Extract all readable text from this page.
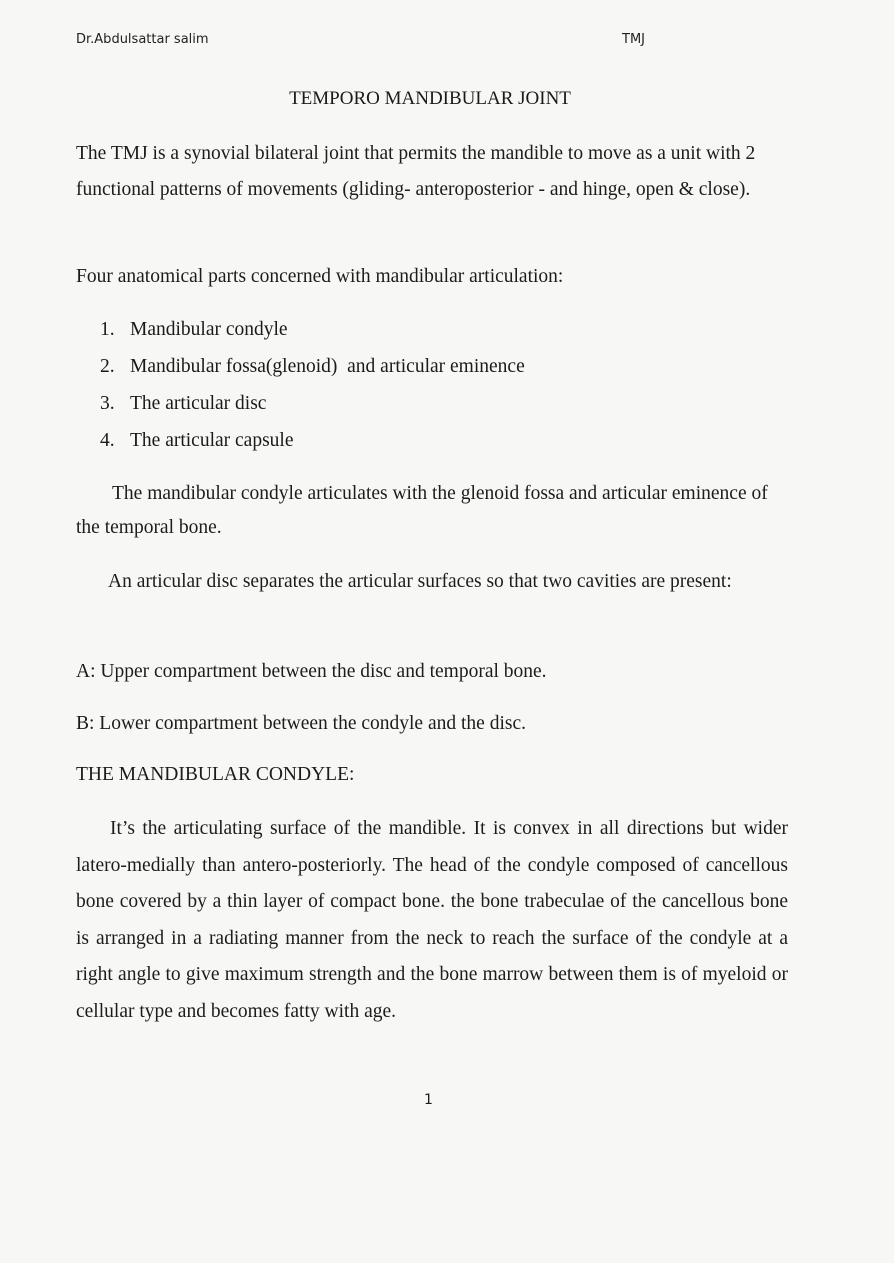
Dr.Abdulsattar salim	TMJ
TEMPORO MANDIBULAR JOINT

The TMJ is a synovial bilateral joint that permits the mandible to move as a unit with 2 functional patterns of movements (gliding- anteroposterior - and hinge, open & close).

Four anatomical parts concerned with mandibular articulation:

1. Mandibular condyle
2. Mandibular fossa(glenoid)  and articular eminence
3. The articular disc
4. The articular capsule

The mandibular condyle articulates with the glenoid fossa and articular eminence of the temporal bone.

An articular disc separates the articular surfaces so that two cavities are present:

A: Upper compartment between the disc and temporal bone.

B: Lower compartment between the condyle and the disc.

THE MANDIBULAR CONDYLE:

It’s the articulating surface of the mandible. It is convex in all directions but wider latero-medially than antero-posteriorly. The head of the condyle composed of cancellous bone covered by a thin layer of compact bone. the bone trabeculae of the cancellous bone is arranged in a radiating manner from the neck to reach the surface of the condyle at a right angle to give maximum strength and the bone marrow between them is of myeloid or cellular type and becomes fatty with age.

1
